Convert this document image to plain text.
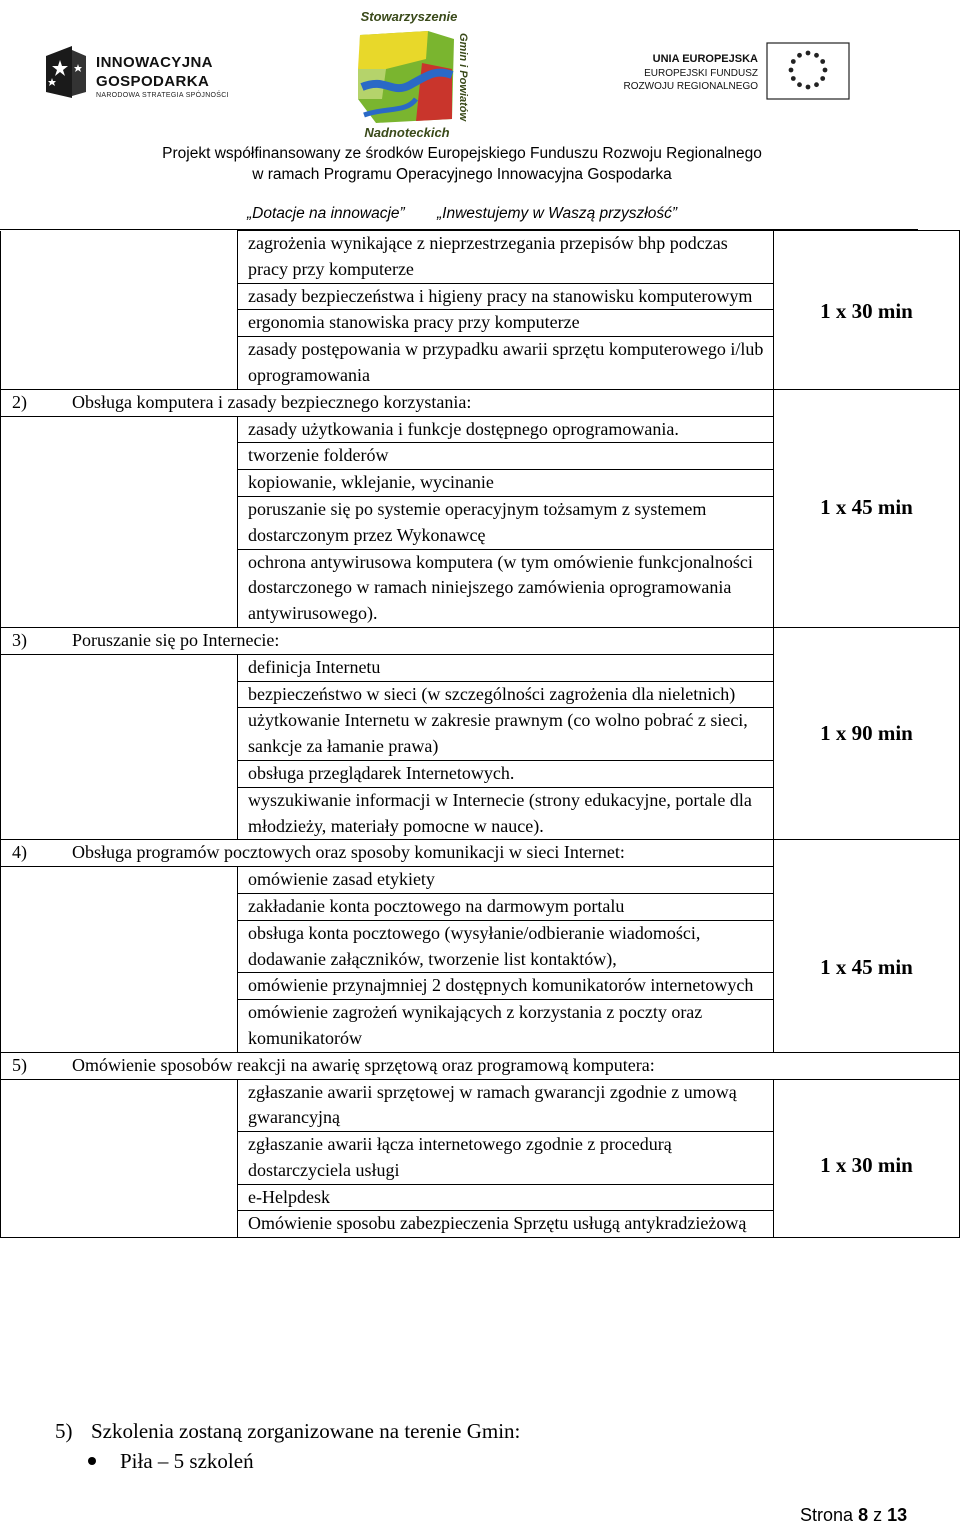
INNOWACYJNA
GOSPODARKA
NARODOWA STRATEGIA SPÓJNOŚCI
Stowarzyszenie
Gmin i Powiatów
Nadnoteckich
UNIA EUROPEJSKA
EUROPEJSKI FUNDUSZ
ROZWOJU REGIONALNEGO
Projekt współfinansowany ze środków Europejskiego Funduszu Rozwoju Regionalnego
w ramach Programu Operacyjnego Innowacyjna Gospodarka
„Dotacje na innowacje” „Inwestujemy w Waszą przyszłość”
	zagrożenia wynikające z nieprzestrzegania przepisów bhp podczas pracy przy komputerze	1 x 30 min
	zasady bezpieczeństwa i higieny pracy na stanowisku komputerowym	
	ergonomia stanowiska pracy przy komputerze	
	zasady postępowania w przypadku awarii sprzętu komputerowego i/lub oprogramowania	
2) Obsługa komputera i zasady bezpiecznego korzystania:		1 x 45 min
	zasady użytkowania i funkcje dostępnego oprogramowania.	
	tworzenie folderów	
	kopiowanie, wklejanie, wycinanie	
	poruszanie się po systemie operacyjnym tożsamym z systemem dostarczonym przez Wykonawcę	
	ochrona antywirusowa komputera (w tym omówienie funkcjonalności dostarczonego w ramach niniejszego zamówienia oprogramowania antywirusowego).	
3) Poruszanie się po Internecie:		1 x 90 min
	definicja Internetu	
	bezpieczeństwo w sieci (w szczególności zagrożenia dla nieletnich)	
	użytkowanie Internetu w zakresie prawnym (co wolno pobrać z sieci, sankcje za łamanie prawa)	
	obsługa przeglądarek Internetowych.	
	wyszukiwanie informacji w Internecie (strony edukacyjne, portale dla młodzieży, materiały pomocne w nauce).	
4) Obsługa programów pocztowych oraz sposoby komunikacji w sieci Internet:		1 x 45 min
	omówienie zasad etykiety	
	zakładanie konta pocztowego na darmowym portalu	
	obsługa konta pocztowego (wysyłanie/odbieranie wiadomości, dodawanie załączników, tworzenie list kontaktów),	
	omówienie przynajmniej 2 dostępnych komunikatorów internetowych	
	omówienie zagrożeń wynikających z korzystania z poczty oraz komunikatorów	
5) Omówienie sposobów reakcji na awarię sprzętową oraz programową komputera:		
	zgłaszanie awarii sprzętowej w ramach gwarancji zgodnie z umową gwarancyjną	1 x 30 min
	zgłaszanie awarii łącza internetowego zgodnie z procedurą dostarczyciela usługi	
	e-Helpdesk	
	Omówienie sposobu zabezpieczenia Sprzętu usługą antykradzieżową	
5) Szkolenia zostaną zorganizowane na terenie Gmin:
Piła – 5 szkoleń
Strona 8 z 13
